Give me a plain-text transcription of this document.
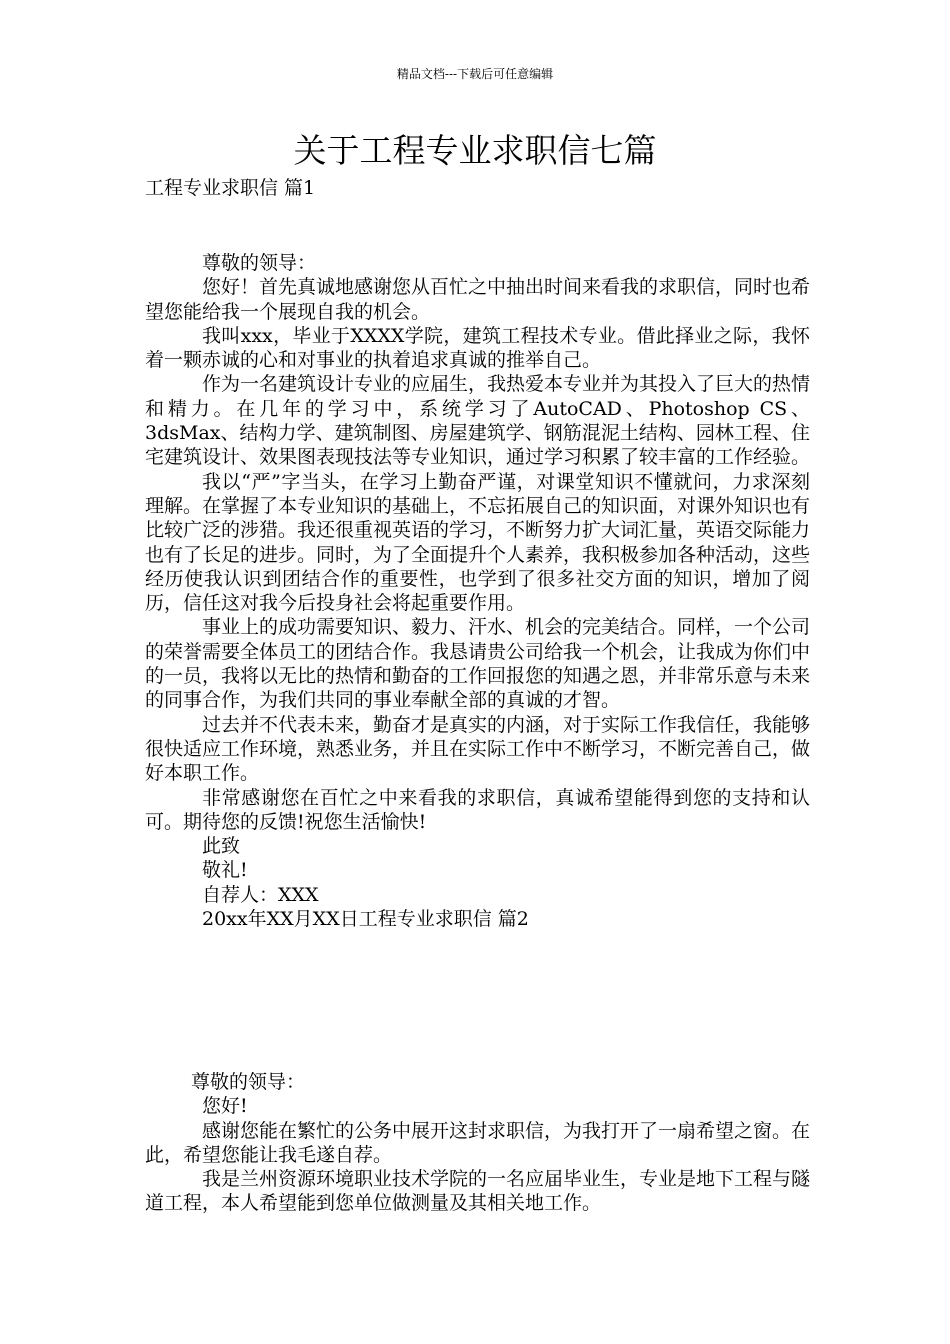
精品文档---下载后可任意编辑
关于工程专业求职信七篇
工程专业求职信 篇1
尊敬的领导：

您好！首先真诚地感谢您从百忙之中抽出时间来看我的求职信，同时也希望您能给我一个展现自我的机会。

我叫xxx，毕业于XXXX学院，建筑工程技术专业。借此择业之际，我怀着一颗赤诚的心和对事业的执着追求真诚的推举自己。

作为一名建筑设计专业的应届生，我热爱本专业并为其投入了巨大的热情和精力。在几年的学习中，系统学习了AutoCAD、Photoshop CS、3dsMax、结构力学、建筑制图、房屋建筑学、钢筋混泥土结构、园林工程、住宅建筑设计、效果图表现技法等专业知识，通过学习积累了较丰富的工作经验。

我以“严”字当头，在学习上勤奋严谨，对课堂知识不懂就问，力求深刻理解。在掌握了本专业知识的基础上，不忘拓展自己的知识面，对课外知识也有比较广泛的涉猎。我还很重视英语的学习，不断努力扩大词汇量，英语交际能力也有了长足的进步。同时，为了全面提升个人素养，我积极参加各种活动，这些经历使我认识到团结合作的重要性，也学到了很多社交方面的知识，增加了阅历，信任这对我今后投身社会将起重要作用。

事业上的成功需要知识、毅力、汗水、机会的完美结合。同样，一个公司的荣誉需要全体员工的团结合作。我恳请贵公司给我一个机会，让我成为你们中的一员，我将以无比的热情和勤奋的工作回报您的知遇之恩，并非常乐意与未来的同事合作，为我们共同的事业奉献全部的真诚的才智。

过去并不代表未来，勤奋才是真实的内涵，对于实际工作我信任，我能够很快适应工作环境，熟悉业务，并且在实际工作中不断学习，不断完善自己，做好本职工作。

非常感谢您在百忙之中来看我的求职信，真诚希望能得到您的支持和认可。期待您的反馈!祝您生活愉快!

此致
敬礼!
自荐人：XXX
20xx年XX月XX日工程专业求职信 篇2
尊敬的领导：
您好!

感谢您能在繁忙的公务中展开这封求职信，为我打开了一扇希望之窗。在此，希望您能让我毛遂自荐。

我是兰州资源环境职业技术学院的一名应届毕业生，专业是地下工程与隧道工程，本人希望能到您单位做测量及其相关地工作。
